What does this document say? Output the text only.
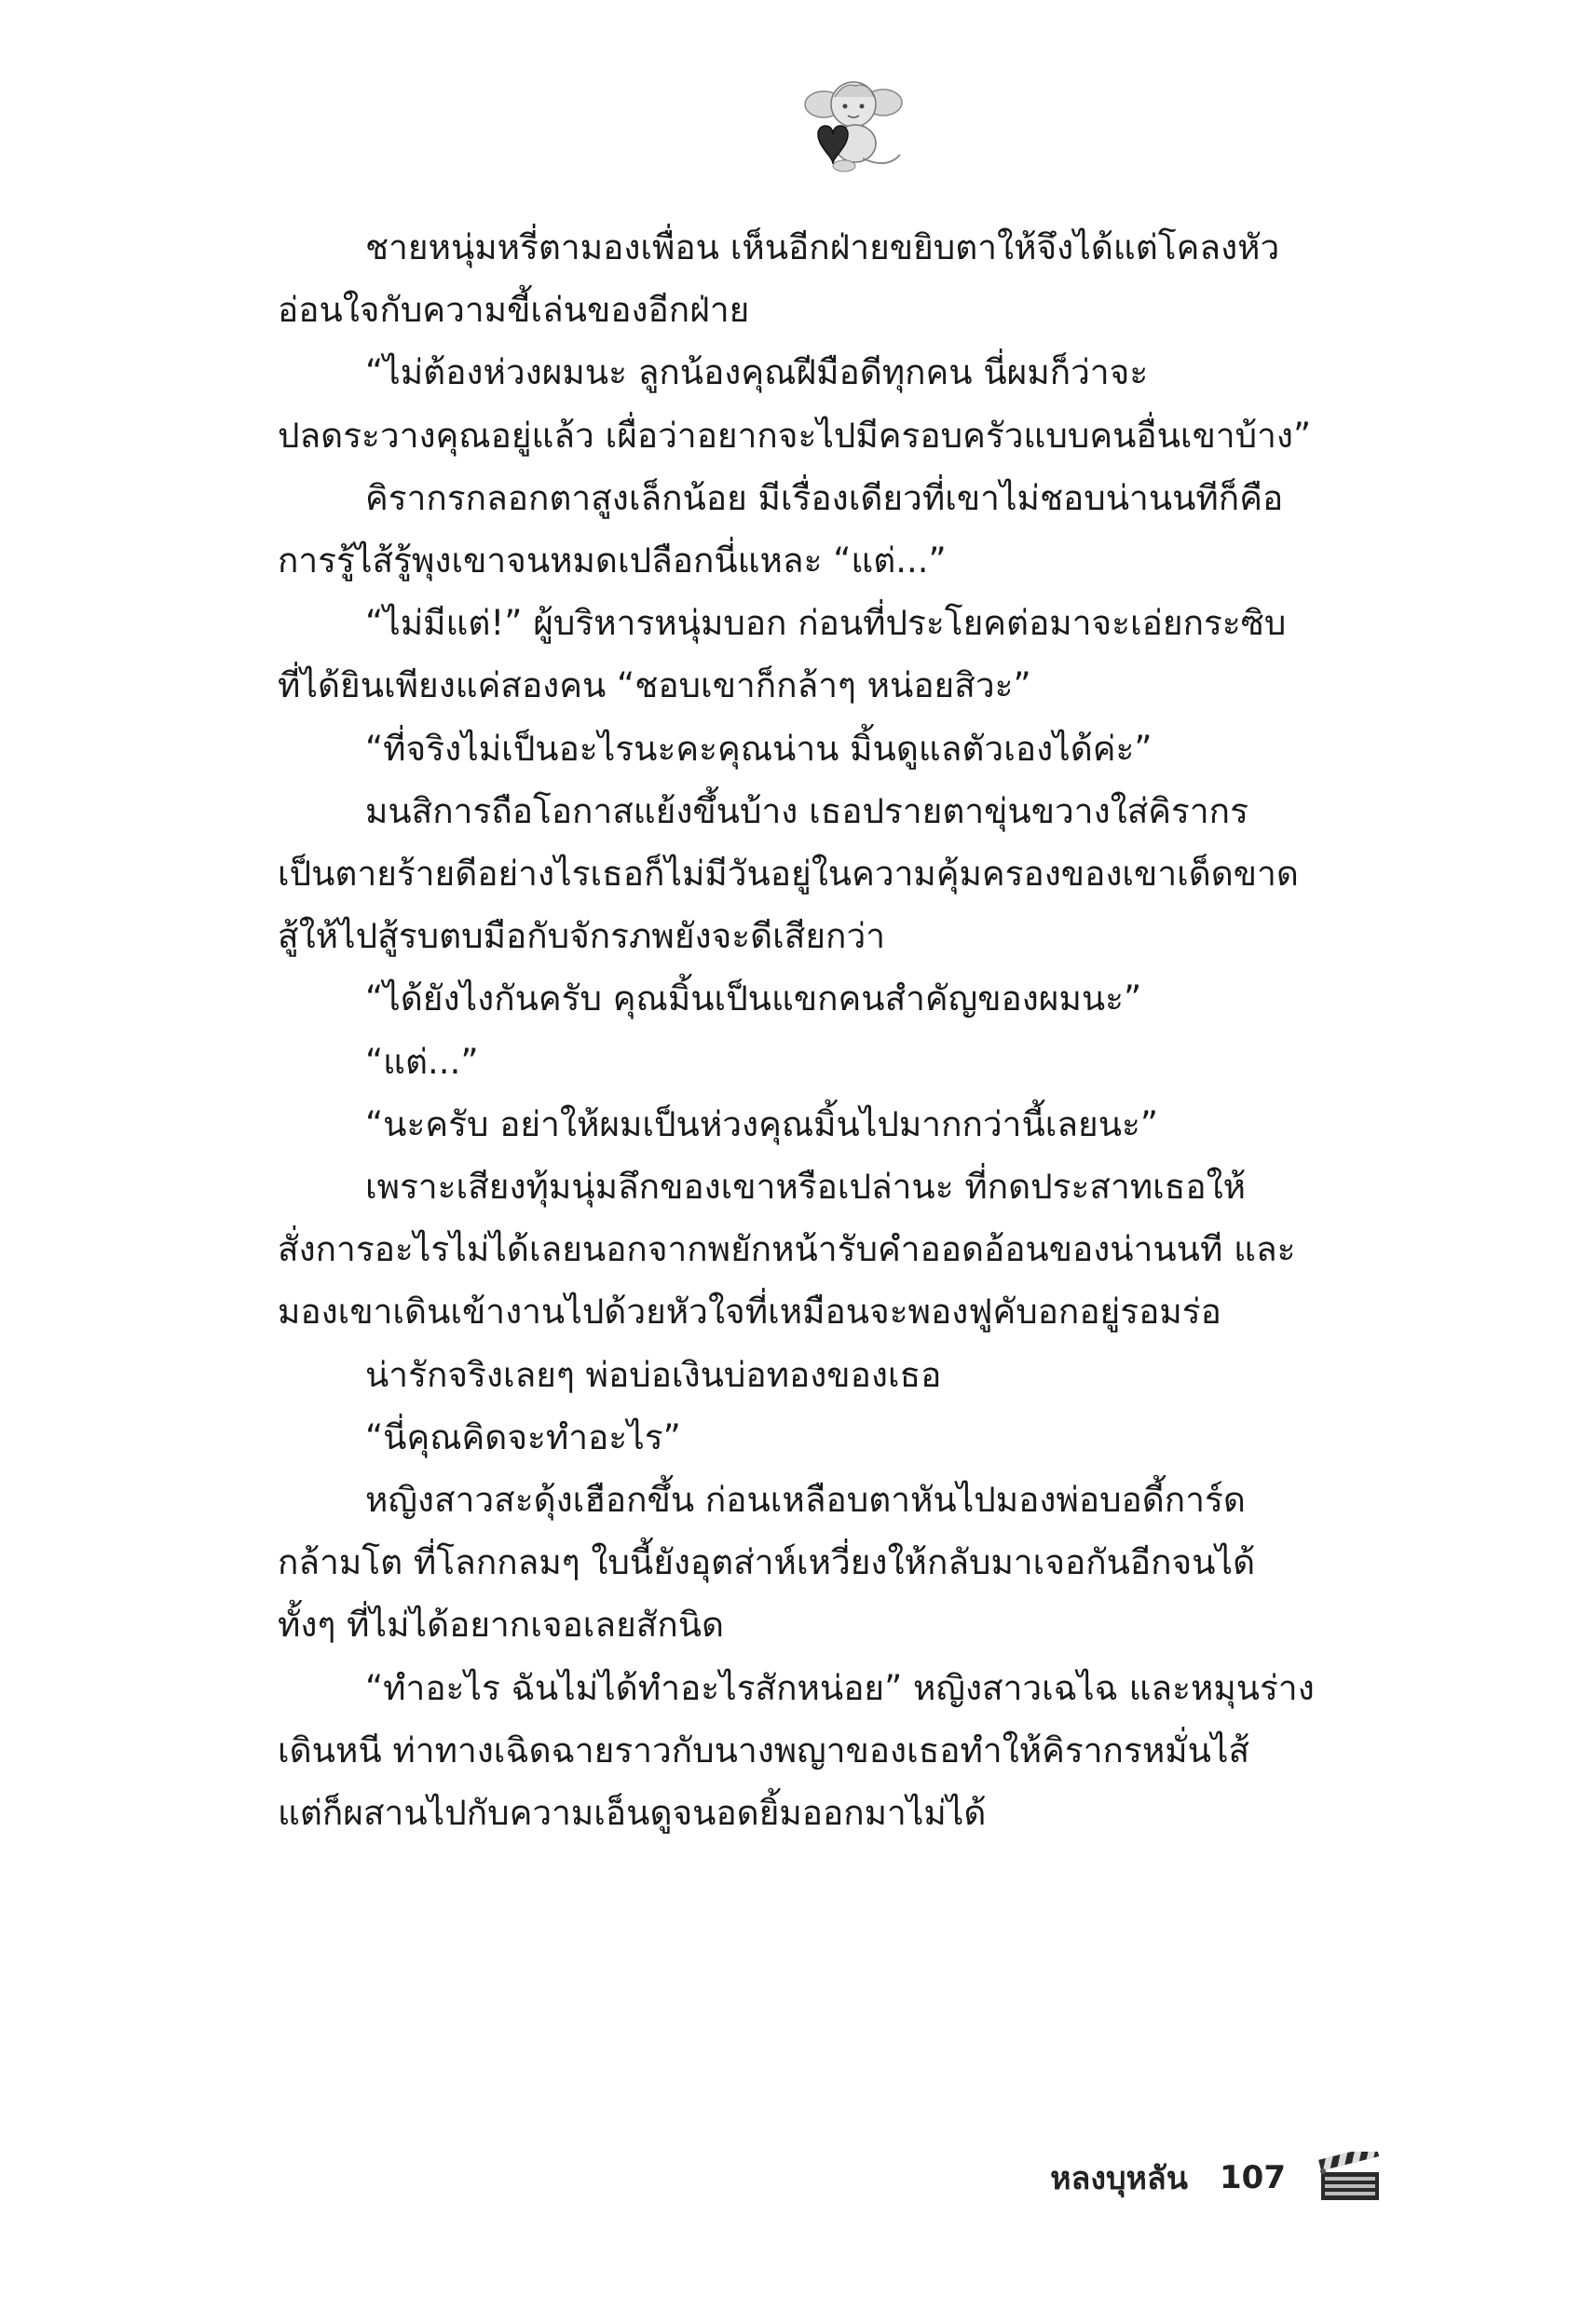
ชายหนุ่มหรี่ตามองเพื่อน เห็นอีกฝ่ายขยิบตาให้จึงได้แต่โคลงหัว

อ่อนใจกับความขี้เล่นของอีกฝ่าย

“ไม่ต้องห่วงผมนะ ลูกน้องคุณฝีมือดีทุกคน นี่ผมก็ว่าจะ

ปลดระวางคุณอยู่แล้ว เผื่อว่าอยากจะไปมีครอบครัวแบบคนอื่นเขาบ้าง”

คิรากรกลอกตาสูงเล็กน้อย มีเรื่องเดียวที่เขาไม่ชอบน่านนทีก็คือ

การรู้ไส้รู้พุงเขาจนหมดเปลือกนี่แหละ “แต่...”

“ไม่มีแต่!” ผู้บริหารหนุ่มบอก ก่อนที่ประโยคต่อมาจะเอ่ยกระซิบ

ที่ได้ยินเพียงแค่สองคน “ชอบเขาก็กล้าๆ หน่อยสิวะ”

“ที่จริงไม่เป็นอะไรนะคะคุณน่าน มิ้นดูแลตัวเองได้ค่ะ”

มนสิการถือโอกาสแย้งขึ้นบ้าง เธอปรายตาขุ่นขวางใส่คิรากร

เป็นตายร้ายดีอย่างไรเธอก็ไม่มีวันอยู่ในความคุ้มครองของเขาเด็ดขาด

สู้ให้ไปสู้รบตบมือกับจักรภพยังจะดีเสียกว่า

“ได้ยังไงกันครับ คุณมิ้นเป็นแขกคนสำคัญของผมนะ”

“แต่...”

“นะครับ อย่าให้ผมเป็นห่วงคุณมิ้นไปมากกว่านี้เลยนะ”

เพราะเสียงทุ้มนุ่มลึกของเขาหรือเปล่านะ ที่กดประสาทเธอให้

สั่งการอะไรไม่ได้เลยนอกจากพยักหน้ารับคำออดอ้อนของน่านนที และ

มองเขาเดินเข้างานไปด้วยหัวใจที่เหมือนจะพองฟูคับอกอยู่รอมร่อ

น่ารักจริงเลยๆ พ่อบ่อเงินบ่อทองของเธอ

“นี่คุณคิดจะทำอะไร”

หญิงสาวสะดุ้งเฮือกขึ้น ก่อนเหลือบตาหันไปมองพ่อบอดี้การ์ด

กล้ามโต ที่โลกกลมๆ ใบนี้ยังอุตส่าห์เหวี่ยงให้กลับมาเจอกันอีกจนได้

ทั้งๆ ที่ไม่ได้อยากเจอเลยสักนิด

“ทำอะไร ฉันไม่ได้ทำอะไรสักหน่อย” หญิงสาวเฉไฉ และหมุนร่าง

เดินหนี ท่าทางเฉิดฉายราวกับนางพญาของเธอทำให้คิรากรหมั่นไส้

แต่ก็ผสานไปกับความเอ็นดูจนอดยิ้มออกมาไม่ได้

หลงบุหลัน 107
